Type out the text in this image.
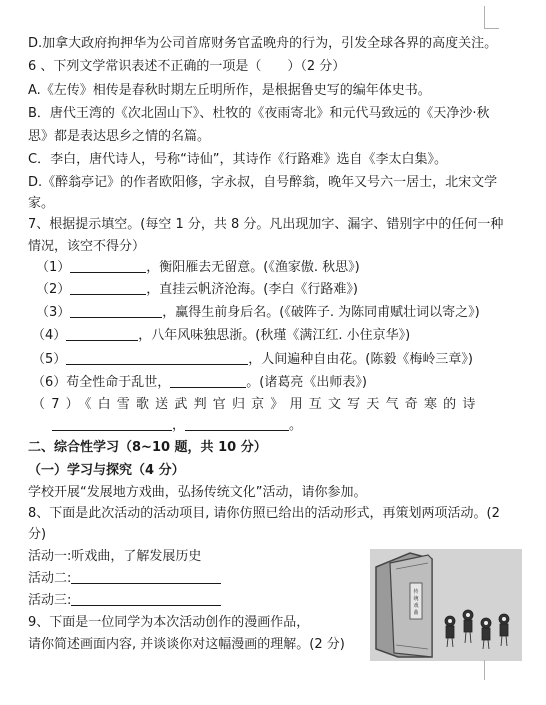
D.加拿大政府拘押华为公司首席财务官孟晚舟的行为，引发全球各界的高度关注。
6 、下列文学常识表述不正确的一项是（　　）（2 分）
A.《左传》相传是春秋时期左丘明所作，是根据鲁史写的编年体史书。
B．唐代王湾的《次北固山下》、杜牧的《夜雨寄北》和元代马致远的《天净沙·秋
思》都是表达思乡之情的名篇。
C．李白，唐代诗人，号称“诗仙”，其诗作《行路难》选自《李太白集》。
D.《醉翁亭记》的作者欧阳修，字永叔，自号醉翁，晚年又号六一居士，北宋文学
家。
7、根据提示填空。(每空 1 分，共 8 分。凡出现加字、漏字、错别字中的任何一种
情况，该空不得分）
（1）	，衡阳雁去无留意。(《渔家傲. 秋思》)
（2）	，直挂云帆济沧海。(李白《行路难》)
（3）	，赢得生前身后名。(《破阵子. 为陈同甫赋壮词以寄之》)
（4）	，八年风味独思浙。(秋瑾《满江红. 小住京华》)
（5）	，人间遍种自由花。(陈毅《梅岭三章》)
（6）苟全性命于乱世，	。(诸葛亮《出师表》)
（7）《白雪歌送武判官归京》用互文写天气奇寒的诗
，	。
二、综合性学习（8~10 题，共 10 分）
（一）学习与探究（4 分）
学校开展“发展地方戏曲，弘扬传统文化”活动，请你参加。
8、下面是此次活动的活动项目, 请你仿照已给出的活动形式，再策划两项活动。(2
分)
活动一:听戏曲，了解发展历史
活动二:
活动三:
9、下面是一位同学为本次活动创作的漫画作品，
请你简述画面内容, 并谈谈你对这幅漫画的理解。(2 分)
传
统
戏
曲
